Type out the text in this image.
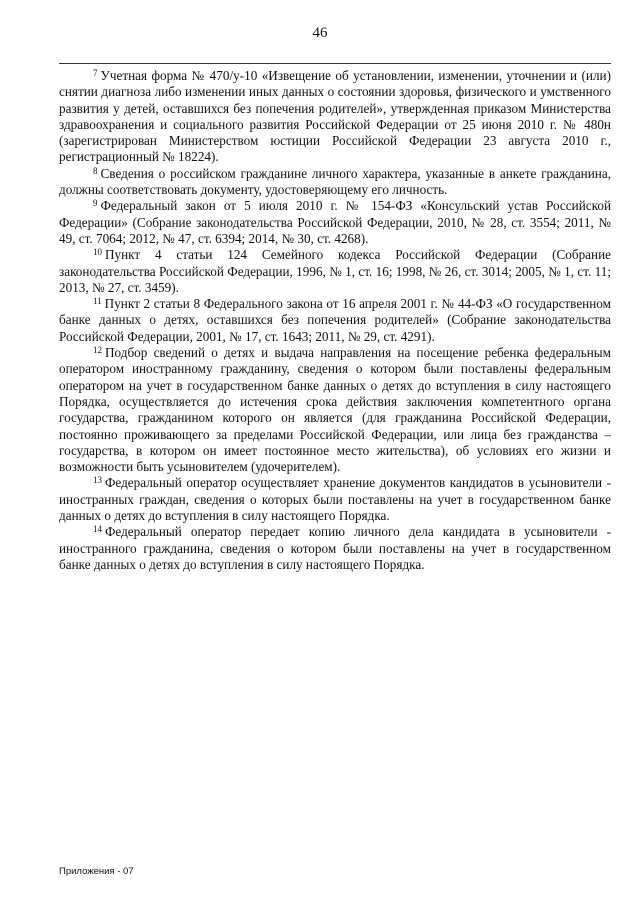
46

$^7$ Учетная форма № 470/у-10 «Извещение об установлении, изменении, уточнении и (или) снятии диагноза либо изменении иных данных о состоянии здоровья, физического и умственного развития у детей, оставшихся без попечения родителей», утвержденная приказом Министерства здравоохранения и социального развития Российской Федерации от 25 июня 2010 г. № 480н (зарегистрирован Министерством юстиции Российской Федерации 23 августа 2010 г., регистрационный № 18224).

$^8$ Сведения о российском гражданине личного характера, указанные в анкете гражданина, должны соответствовать документу, удостоверяющему его личность.

$^9$ Федеральный закон от 5 июля 2010 г. № 154-ФЗ «Консульский устав Российской Федерации» (Собрание законодательства Российской Федерации, 2010, № 28, ст. 3554; 2011, № 49, ст. 7064; 2012, № 47, ст. 6394; 2014, № 30, ст. 4268).

$^{10}$ Пункт 4 статьи 124 Семейного кодекса Российской Федерации (Собрание законодательства Российской Федерации, 1996, № 1, ст. 16; 1998, № 26, ст. 3014; 2005, № 1, ст. 11; 2013, № 27, ст. 3459).

$^{11}$ Пункт 2 статьи 8 Федерального закона от 16 апреля 2001 г. № 44-ФЗ «О государственном банке данных о детях, оставшихся без попечения родителей» (Собрание законодательства Российской Федерации, 2001, № 17, ст. 1643; 2011, № 29, ст. 4291).

$^{12}$ Подбор сведений о детях и выдача направления на посещение ребенка федеральным оператором иностранному гражданину, сведения о котором были поставлены федеральным оператором на учет в государственном банке данных о детях до вступления в силу настоящего Порядка, осуществляется до истечения срока действия заключения компетентного органа государства, гражданином которого он является (для гражданина Российской Федерации, постоянно проживающего за пределами Российской Федерации, или лица без гражданства – государства, в котором он имеет постоянное место жительства), об условиях его жизни и возможности быть усыновителем (удочерителем).

$^{13}$ Федеральный оператор осуществляет хранение документов кандидатов в усыновители - иностранных граждан, сведения о которых были поставлены на учет в государственном банке данных о детях до вступления в силу настоящего Порядка.

$^{14}$ Федеральный оператор передает копию личного дела кандидата в усыновители - иностранного гражданина, сведения о котором были поставлены на учет в государственном банке данных о детях до вступления в силу настоящего Порядка.

Приложения - 07
